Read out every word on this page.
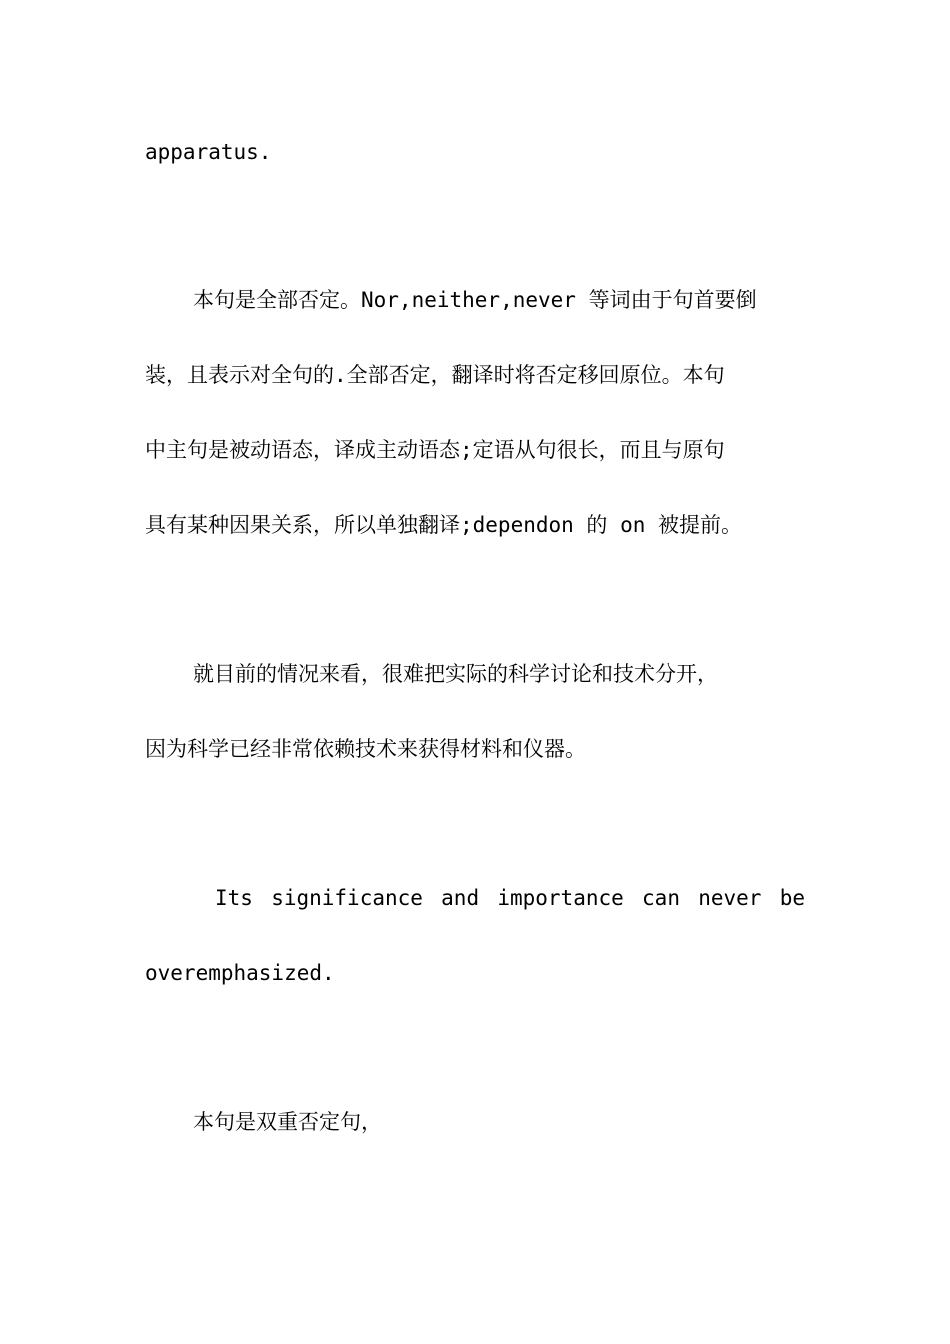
apparatus.

本句是全部否定。Nor,neither,never 等词由于句首要倒
装，且表示对全句的.全部否定，翻译时将否定移回原位。本句
中主句是被动语态，译成主动语态;定语从句很长，而且与原句
具有某种因果关系，所以单独翻译;dependon 的 on 被提前。

就目前的情况来看，很难把实际的科学讨论和技术分开，
因为科学已经非常依赖技术来获得材料和仪器。

Its significance and importance can never be
overemphasized.

本句是双重否定句，
